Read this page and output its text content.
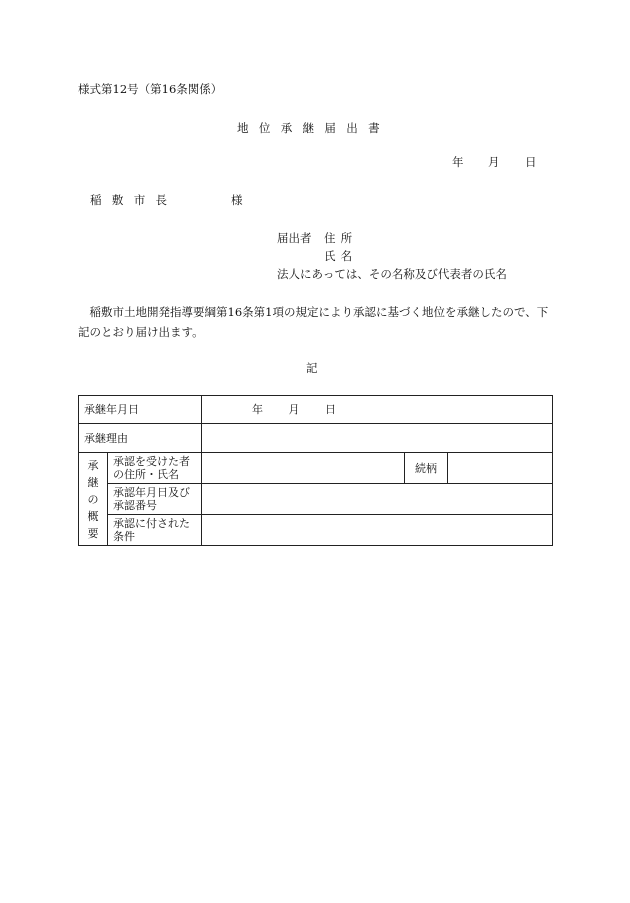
様式第12号（第16条関係）

地位承継届出書

年 月 日
稲敷市長	様
届出者 住所
氏名
法人にあっては、その名称及び代表者の氏名

稲敷市土地開発指導要綱第16条第1項の規定により承認に基づく地位を承継したので、下記のとおり届け出ます。

記

承継年月日		年 月 日		
承継理由				
承継の概要	承認を受けた者の住所・氏名		続柄	
	承認年月日及び承認番号			
	承認に付された条件			
